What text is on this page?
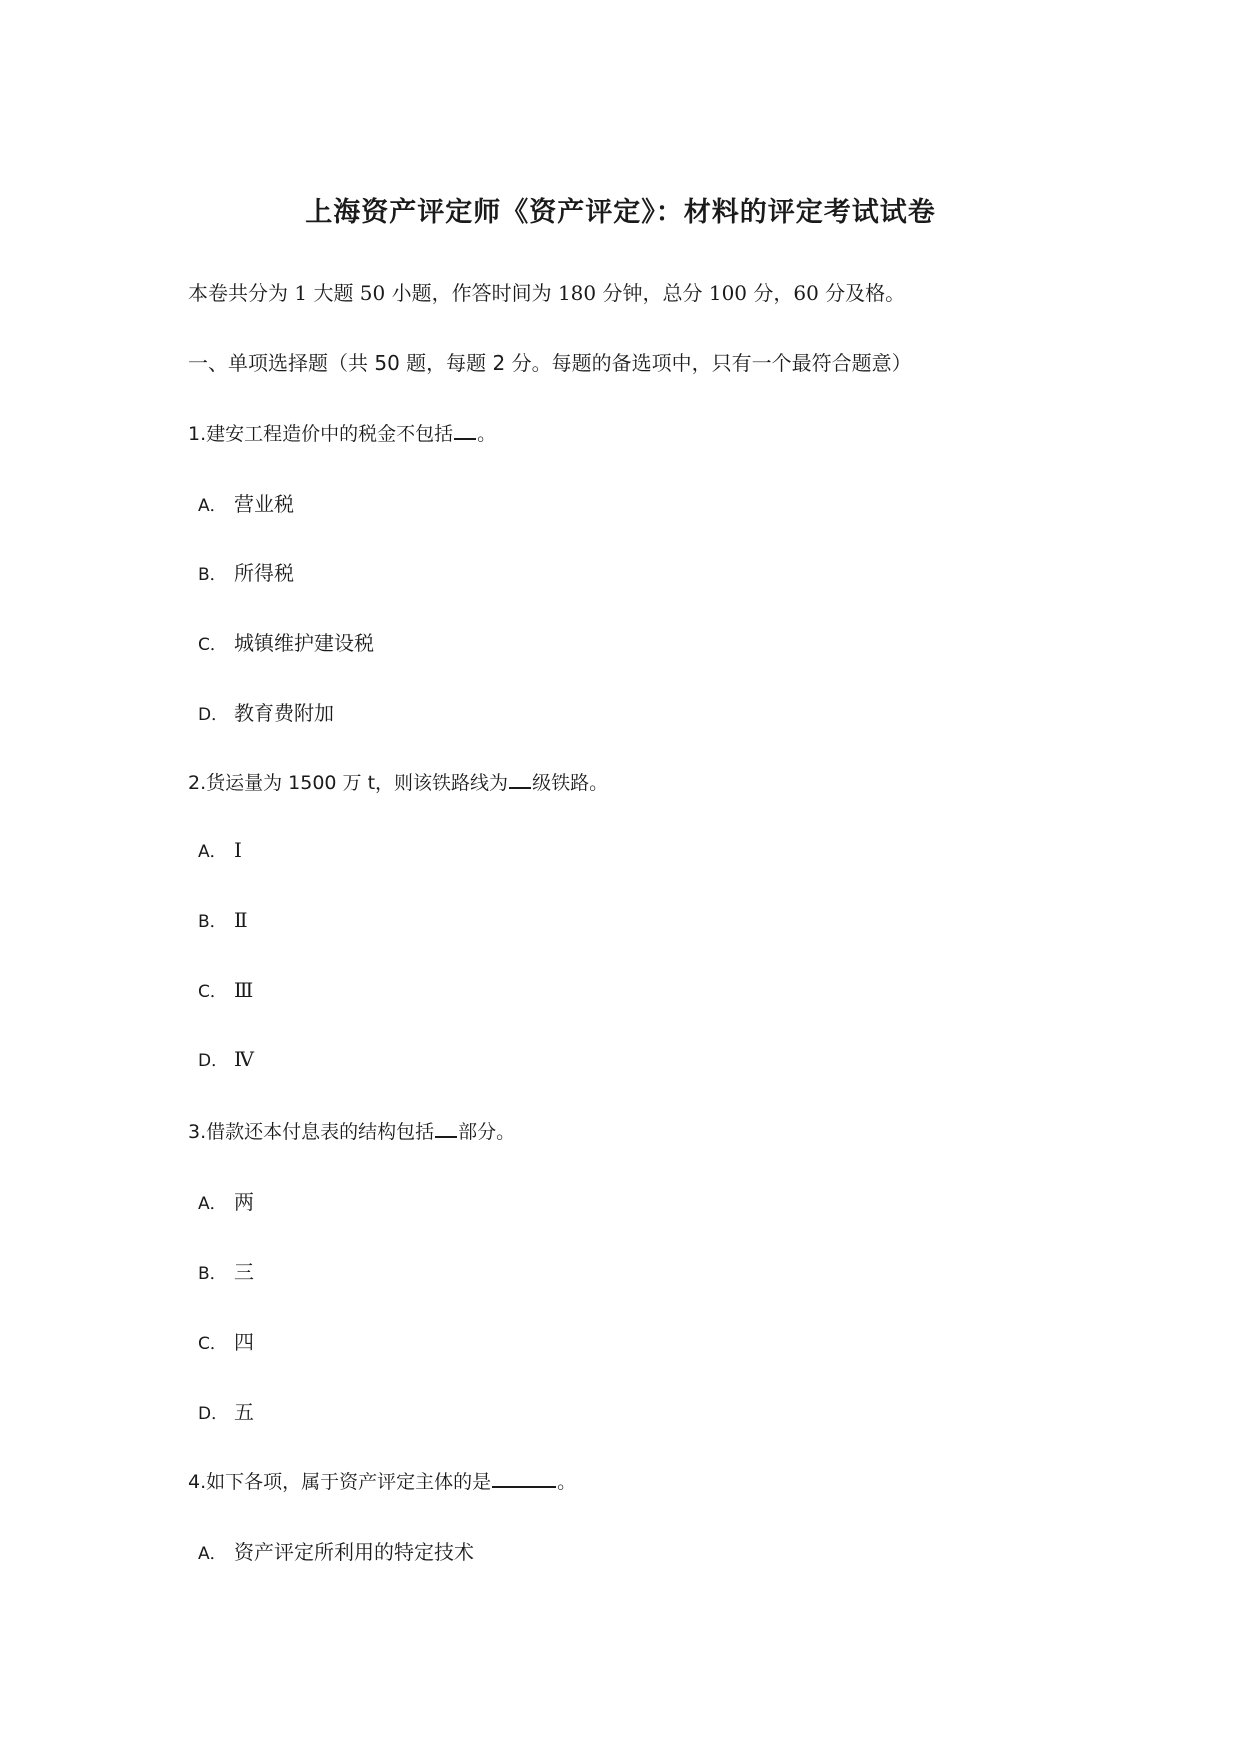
上海资产评定师《资产评定》：材料的评定考试试卷
本卷共分为 1 大题 50 小题，作答时间为 180 分钟，总分 100 分，60 分及格。
一、单项选择题（共 50 题，每题 2 分。每题的备选项中，只有一个最符合题意）
1.建安工程造价中的税金不包括 。
A． 营业税
B． 所得税
C． 城镇维护建设税
D． 教育费附加
2.货运量为 1500 万 t，则该铁路线为 级铁路。
A． Ⅰ
B． Ⅱ
C． Ⅲ
D． Ⅳ
3.借款还本付息表的结构包括 部分。
A． 两
B． 三
C． 四
D． 五
4.如下各项，属于资产评定主体的是	。
A． 资产评定所利用的特定技术
